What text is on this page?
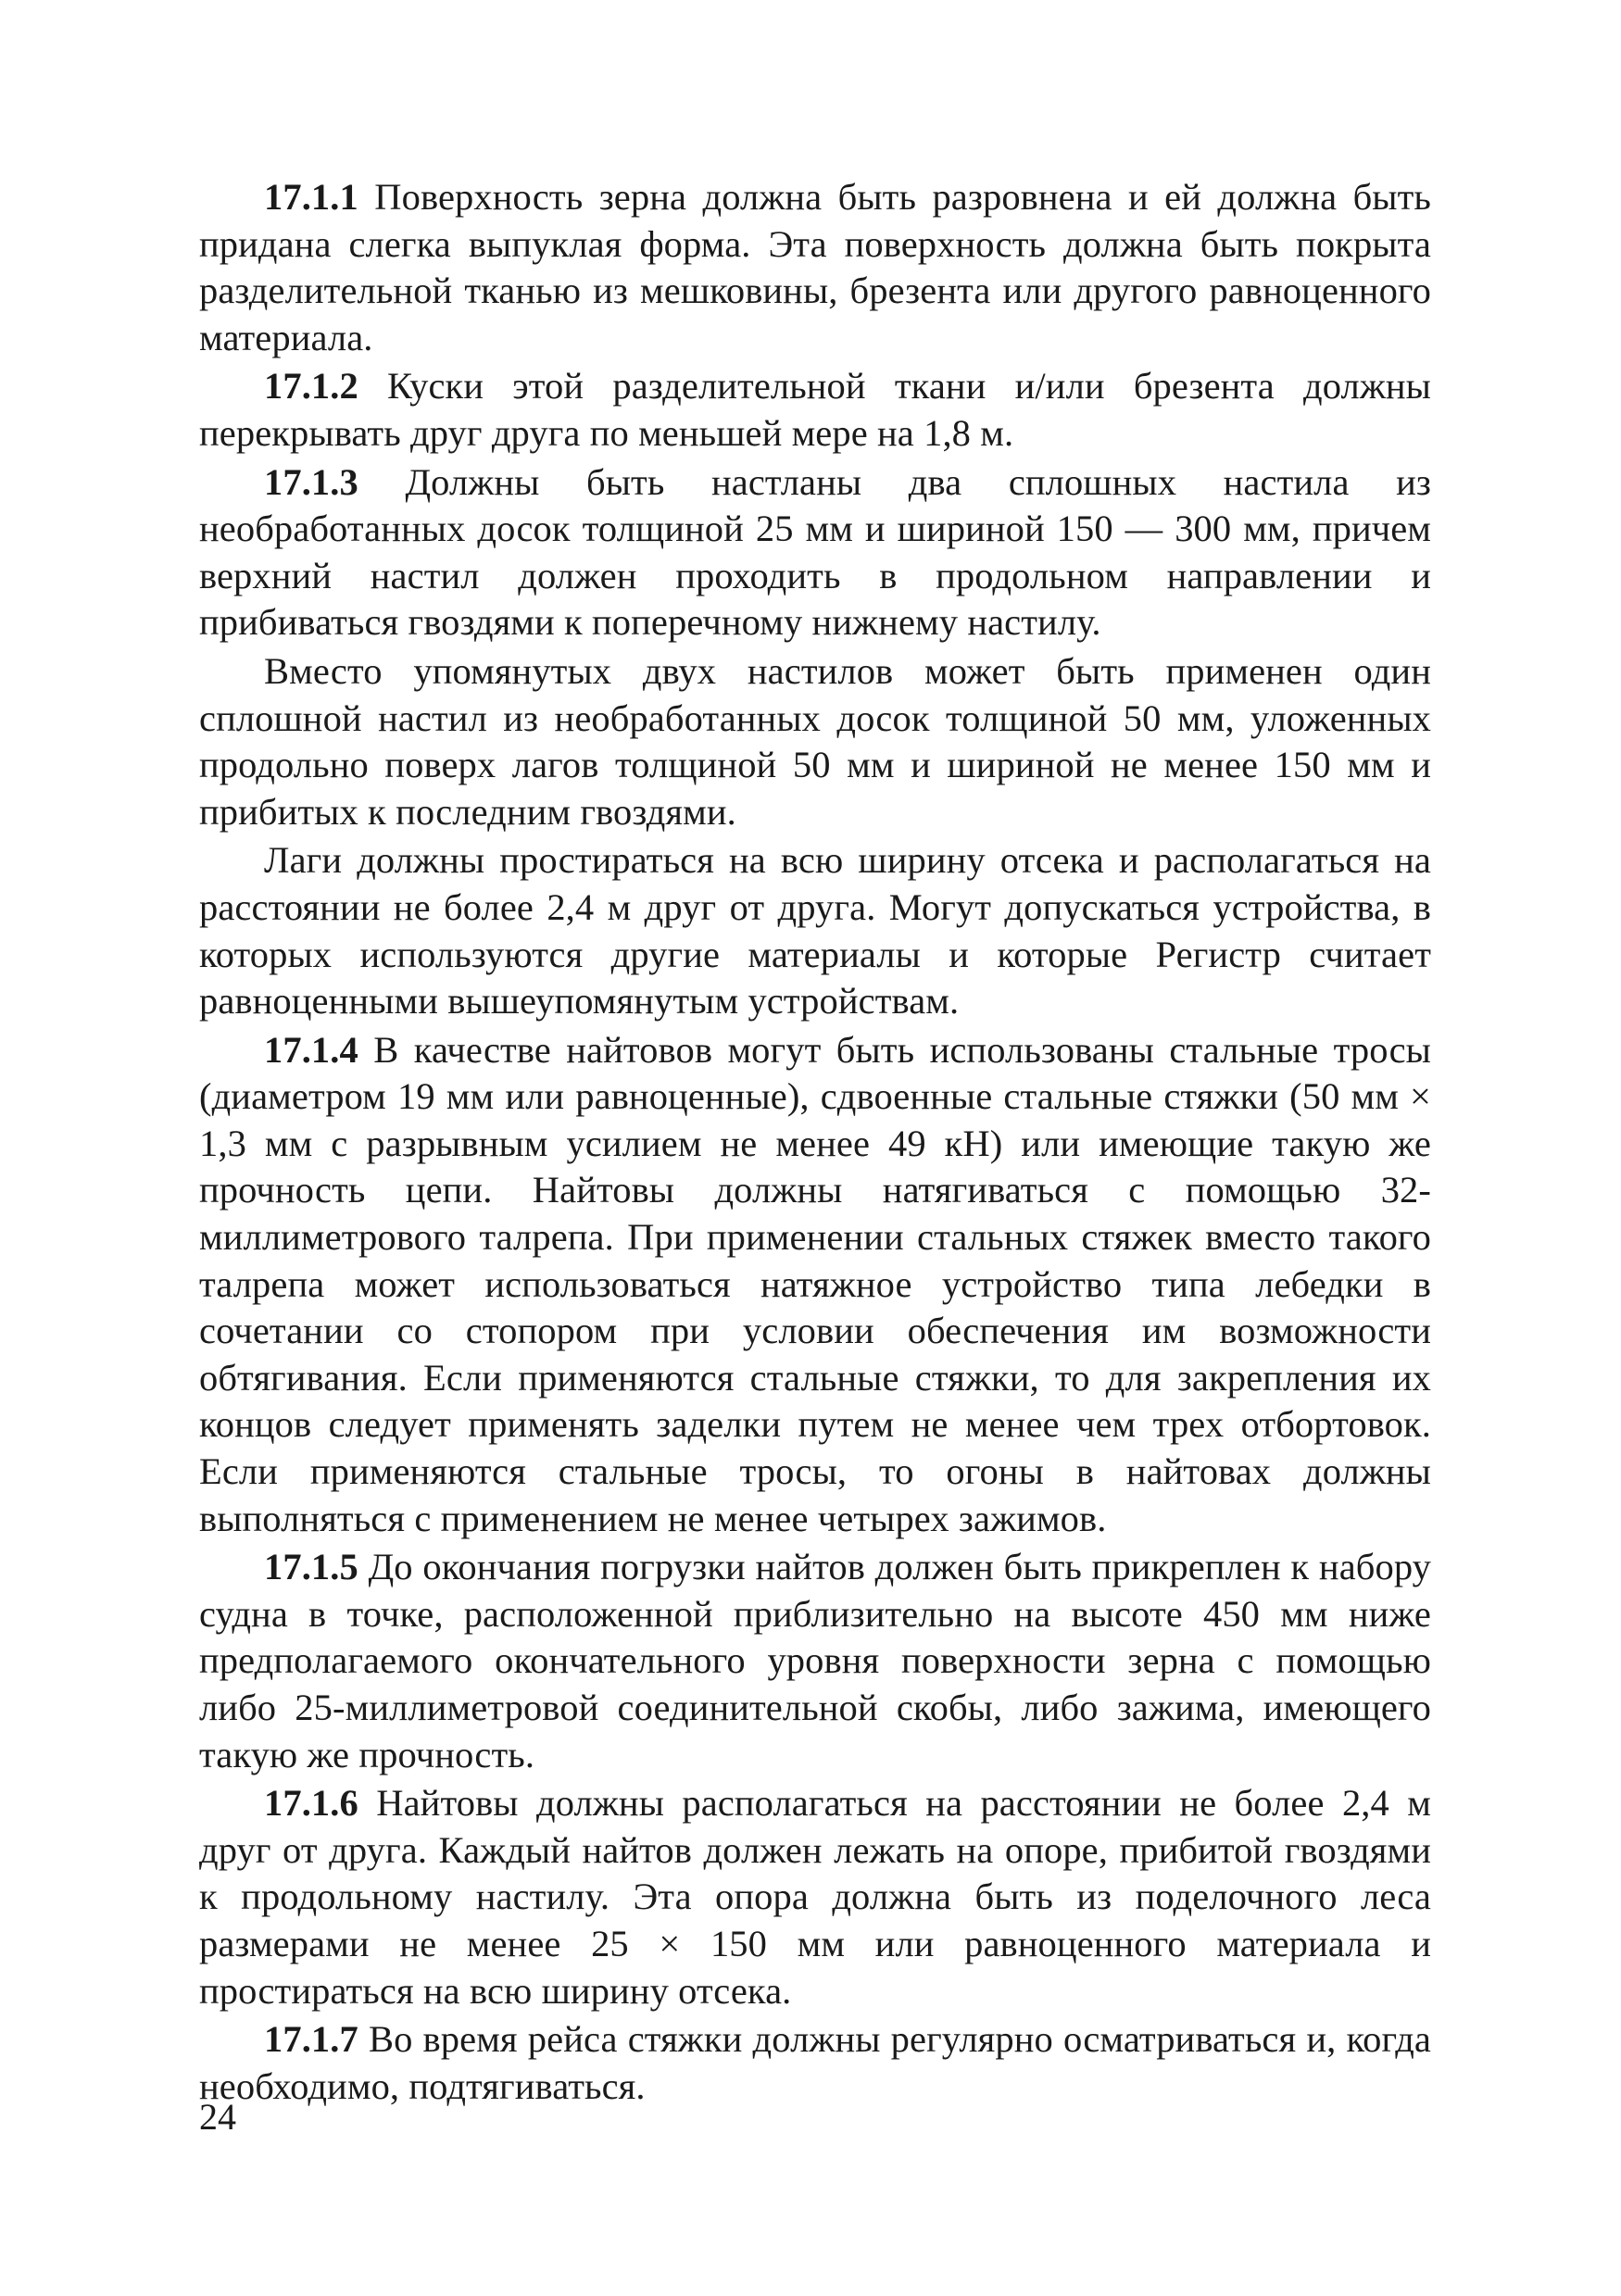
17.1.1 Поверхность зерна должна быть разровнена и ей должна быть придана слегка выпуклая форма. Эта поверхность должна быть покрыта разделительной тканью из мешковины, брезента или другого равноценного материала.

17.1.2 Куски этой разделительной ткани и/или брезента должны перекрывать друг друга по меньшей мере на 1,8 м.

17.1.3 Должны быть настланы два сплошных настила из необработанных досок толщиной 25 мм и шириной 150 — 300 мм, причем верхний настил должен проходить в продольном направлении и прибиваться гвоздями к поперечному нижнему настилу.

Вместо упомянутых двух настилов может быть применен один сплошной настил из необработанных досок толщиной 50 мм, уложенных продольно поверх лагов толщиной 50 мм и шириной не менее 150 мм и прибитых к последним гвоздями.

Лаги должны простираться на всю ширину отсека и располагаться на расстоянии не более 2,4 м друг от друга. Могут допускаться устройства, в которых используются другие материалы и которые Регистр считает равноценными вышеупомянутым устройствам.

17.1.4 В качестве найтовов могут быть использованы стальные тросы (диаметром 19 мм или равноценные), сдвоенные стальные стяжки (50 мм × 1,3 мм с разрывным усилием не менее 49 кН) или имеющие такую же прочность цепи. Найтовы должны натягиваться с помощью 32-миллиметрового талрепа. При применении стальных стяжек вместо такого талрепа может использоваться натяжное устройство типа лебедки в сочетании со стопором при условии обеспечения им возможности обтягивания. Если применяются стальные стяжки, то для закрепления их концов следует применять заделки путем не менее чем трех отбортовок. Если применяются стальные тросы, то огоны в найтовах должны выполняться с применением не менее четырех зажимов.

17.1.5 До окончания погрузки найтов должен быть прикреплен к набору судна в точке, расположенной приблизительно на высоте 450 мм ниже предполагаемого окончательного уровня поверхности зерна с помощью либо 25-миллиметровой соединительной скобы, либо зажима, имеющего такую же прочность.

17.1.6 Найтовы должны располагаться на расстоянии не более 2,4 м друг от друга. Каждый найтов должен лежать на опоре, прибитой гвоздями к продольному настилу. Эта опора должна быть из поделочного леса размерами не менее 25 × 150 мм или равноценного материала и простираться на всю ширину отсека.

17.1.7 Во время рейса стяжки должны регулярно осматриваться и, когда необходимо, подтягиваться.

24
